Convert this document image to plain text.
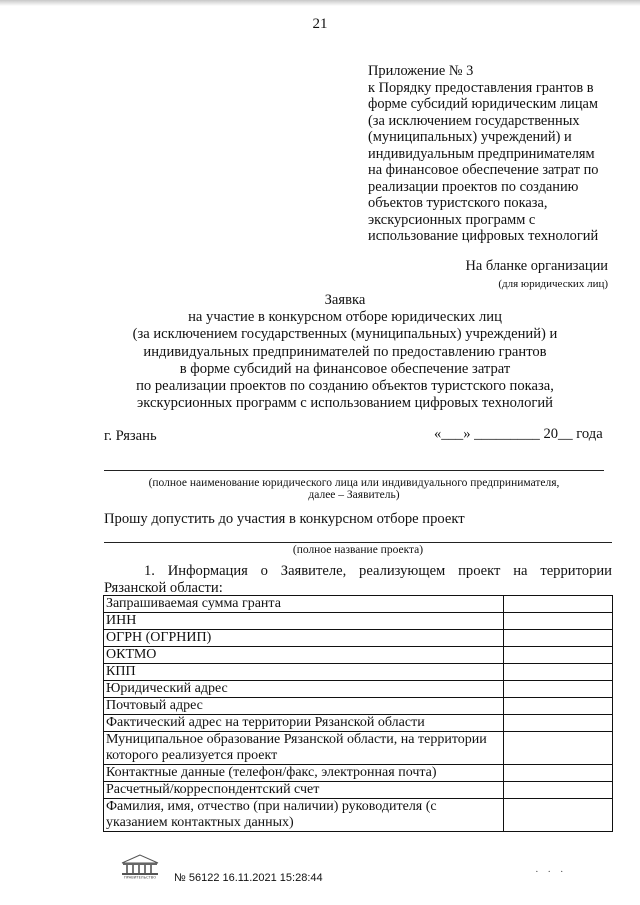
21
Приложение № 3
к Порядку предоставления грантов в
форме субсидий юридическим лицам
(за исключением государственных
(муниципальных) учреждений) и
индивидуальным предпринимателям
на финансовое обеспечение затрат по
реализации проектов по созданию
объектов туристского показа,
экскурсионных программ с
использование цифровых технологий
На бланке организации
(для юридических лиц)
Заявка
на участие в конкурсном отборе юридических лиц
(за исключением государственных (муниципальных) учреждений) и
индивидуальных предпринимателей по предоставлению грантов
в форме субсидий на финансовое обеспечение затрат
по реализации проектов по созданию объектов туристского показа,
экскурсионных программ с использованием цифровых технологий
г. Рязань	«___» _________ 20__ года
(полное наименование юридического лица или индивидуального предпринимателя,
далее – Заявитель)
Прошу допустить до участия в конкурсном отборе проект
(полное название проекта)
1. Информация о Заявителе, реализующем проект на территории
Рязанской области:
Запрашиваемая сумма гранта	
ИНН	
ОГРН (ОГРНИП)	
ОКТМО	
КПП	
Юридический адрес	
Почтовый адрес	
Фактический адрес на территории Рязанской области	
Муниципальное образование Рязанской области, на территории которого реализуется проект	
Контактные данные (телефон/факс, электронная почта)	
Расчетный/корреспондентский счет	
Фамилия, имя, отчество (при наличии) руководителя (с указанием контактных данных)	
ПРАВИТЕЛЬСТВО № 56122 16.11.2021 15:28:44	· · ·
